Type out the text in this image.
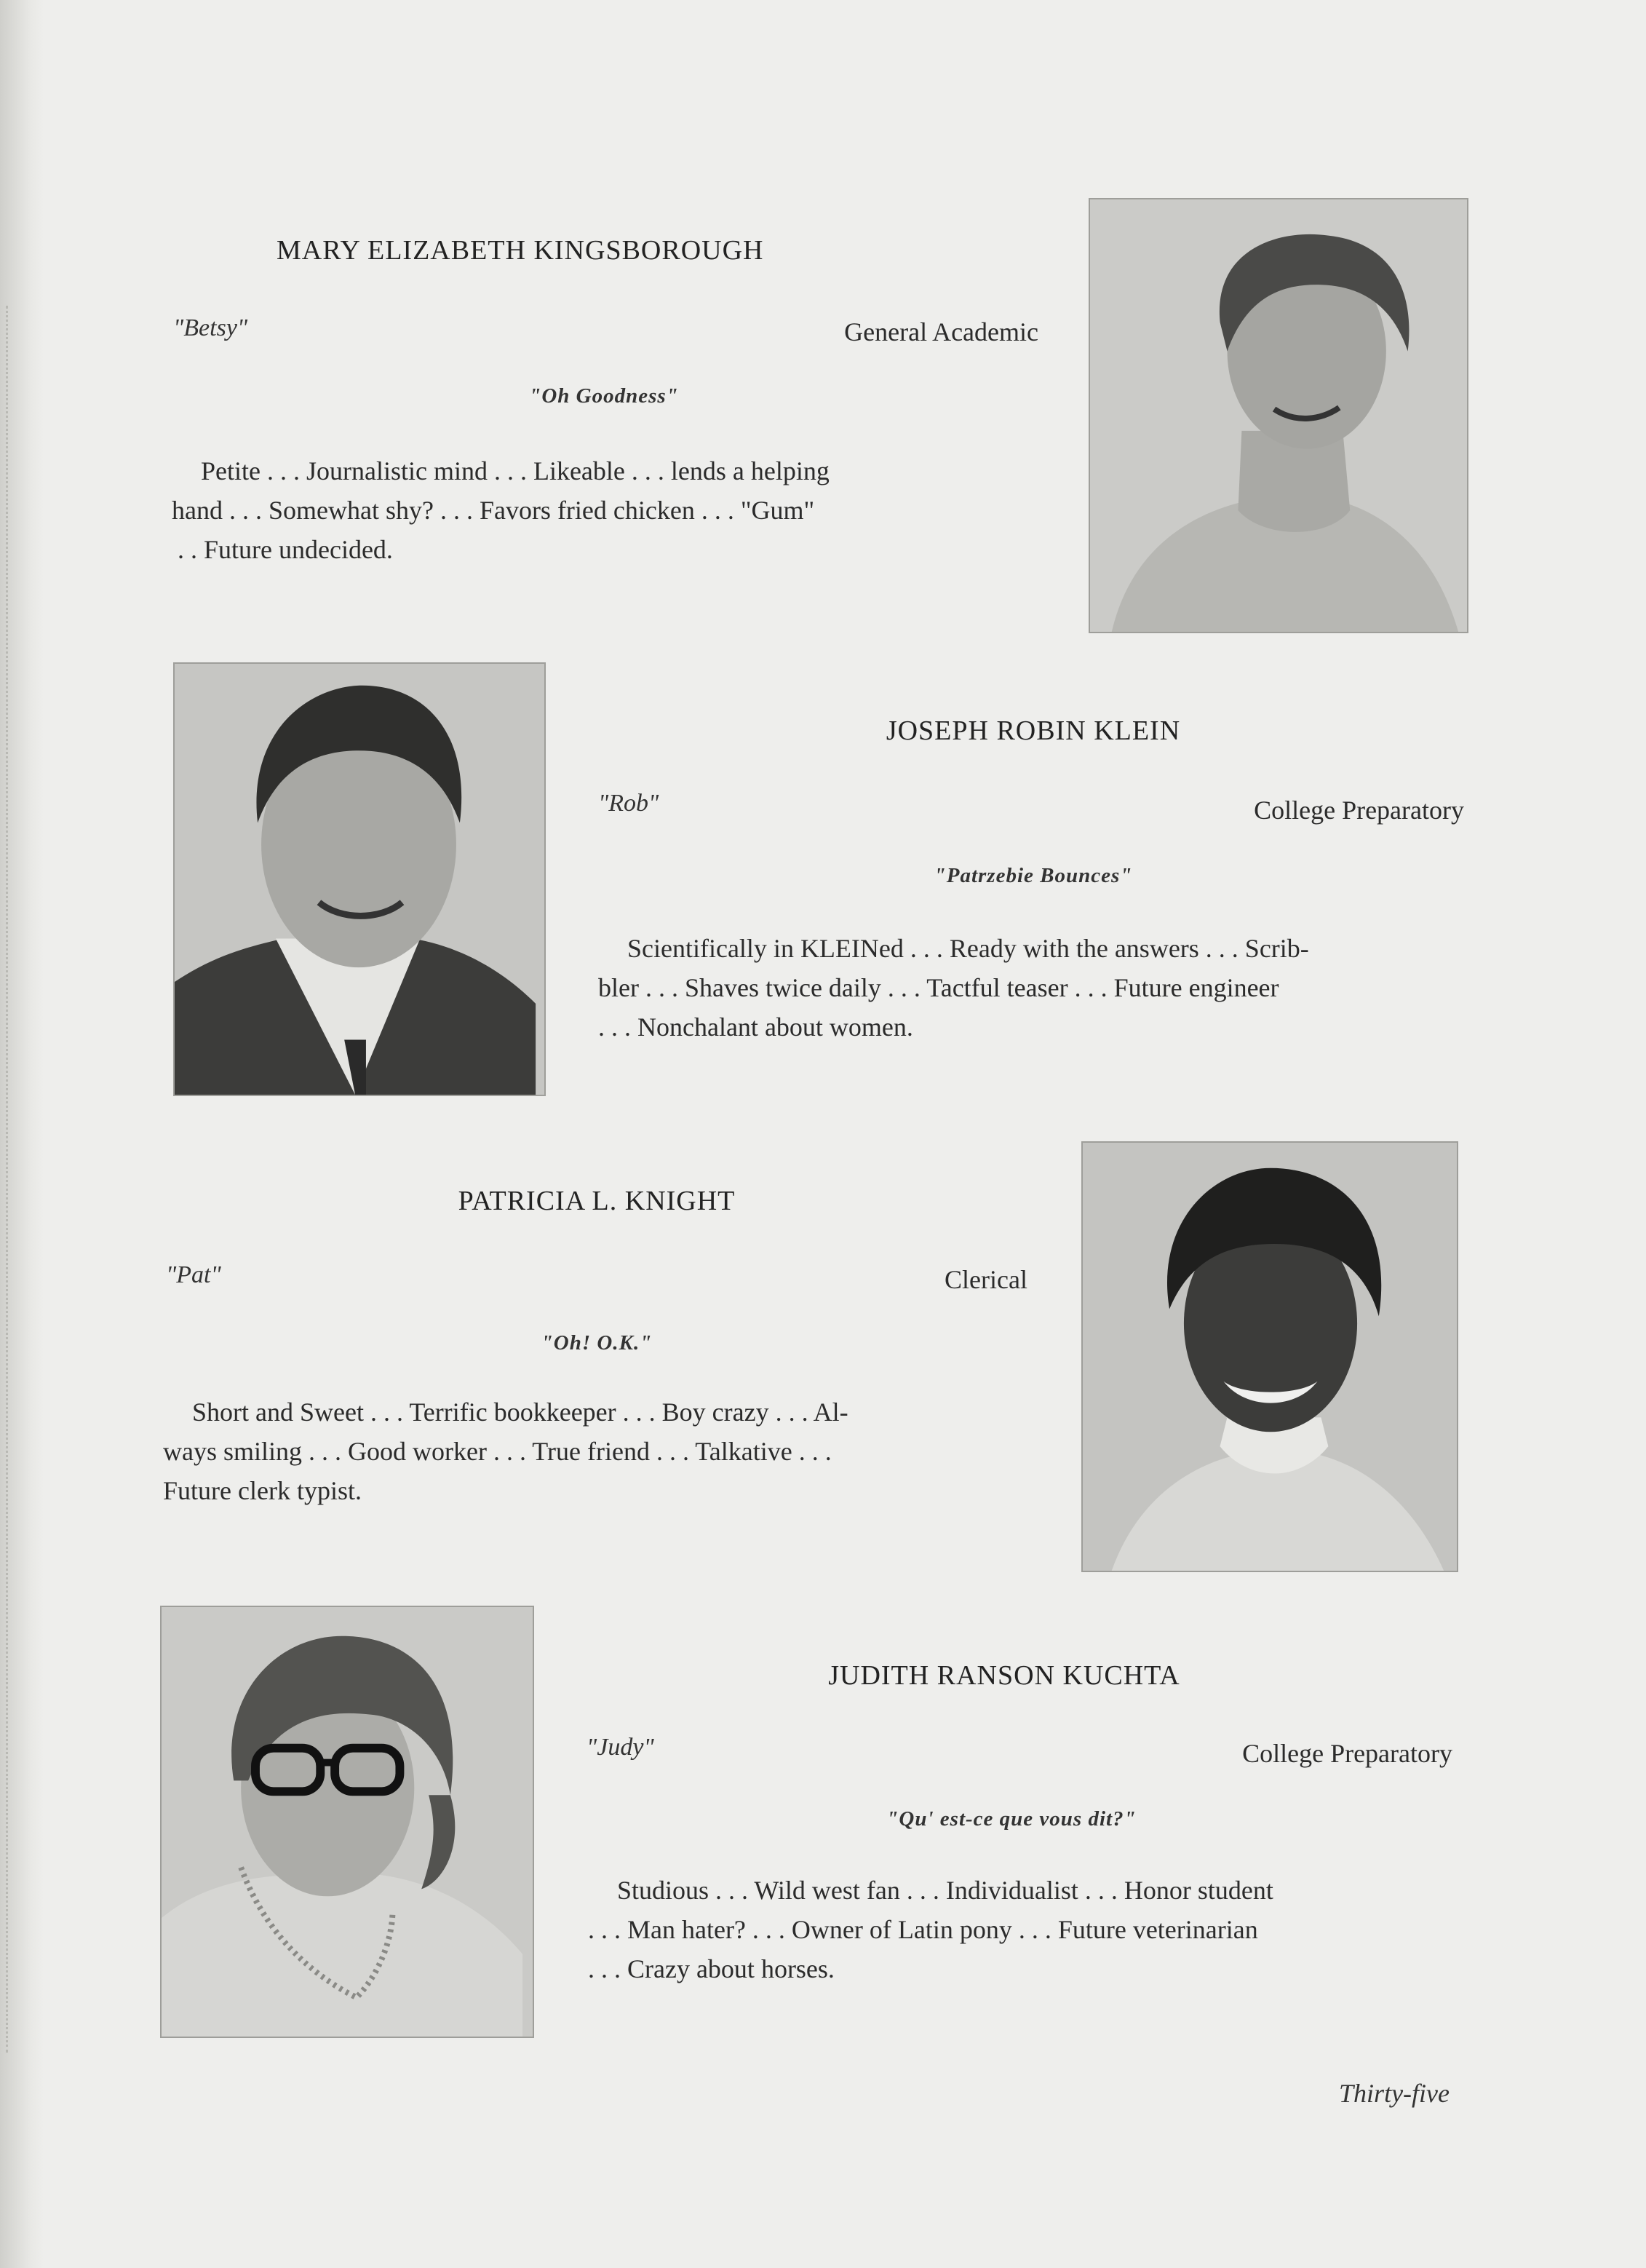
MARY ELIZABETH KINGSBOROUGH
"Betsy"	General Academic
"Oh Goodness"
Petite . . . Journalistic mind . . . Likeable . . . lends a helping
hand . . . Somewhat shy? . . . Favors fried chicken . . . "Gum"
. . Future undecided.
JOSEPH ROBIN KLEIN
"Rob"	College Preparatory
"Patrzebie Bounces"
Scientifically in KLEINed . . . Ready with the answers . . . Scrib-
bler . . . Shaves twice daily . . . Tactful teaser . . . Future engineer
. . . Nonchalant about women.
PATRICIA L. KNIGHT
"Pat"	Clerical
"Oh! O.K."
Short and Sweet . . . Terrific bookkeeper . . . Boy crazy . . . Al-
ways smiling . . . Good worker . . . True friend . . . Talkative . . .
Future clerk typist.
JUDITH RANSON KUCHTA
"Judy"	College Preparatory
"Qu' est-ce que vous dit?"
Studious . . . Wild west fan . . . Individualist . . . Honor student
. . . Man hater? . . . Owner of Latin pony . . . Future veterinarian
. . . Crazy about horses.
Thirty-five
